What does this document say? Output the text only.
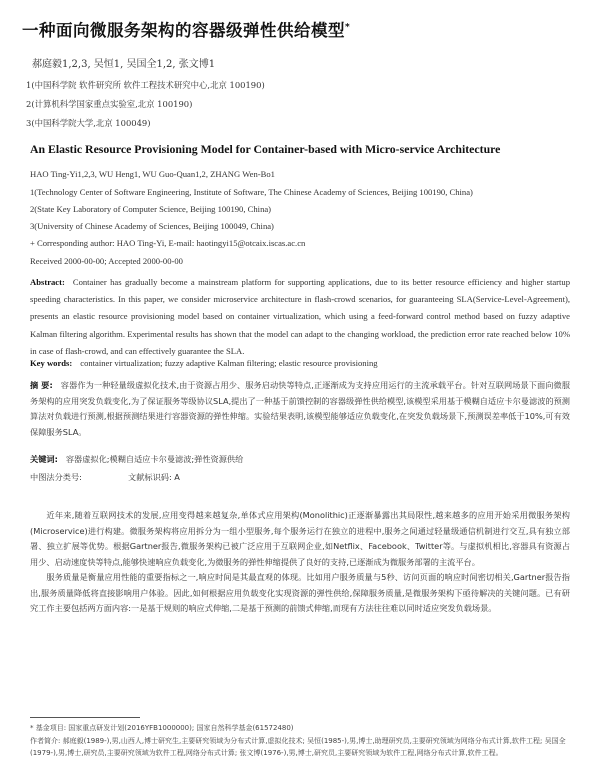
一种面向微服务架构的容器级弹性供给模型*
郝庭毅1,2,3, 吴恒1, 吴国全1,2, 张文博1
1(中国科学院 软件研究所 软件工程技术研究中心,北京 100190)
2(计算机科学国家重点实验室,北京 100190)
3(中国科学院大学,北京 100049)
An Elastic Resource Provisioning Model for Container-based with Micro-service Architecture
HAO Ting-Yi1,2,3, WU Heng1, WU Guo-Quan1,2, ZHANG Wen-Bo1
1(Technology Center of Software Engineering, Institute of Software, The Chinese Academy of Sciences, Beijing 100190, China)
2(State Key Laboratory of Computer Science, Beijing 100190, China)
3(University of Chinese Academy of Sciences, Beijing 100049, China)
+ Corresponding author: HAO Ting-Yi, E-mail: haotingyi15@otcaix.iscas.ac.cn
Abstract: Container has gradually become a mainstream platform for supporting applications, due to its better resource efficiency and higher startup speeding characteristics. In this paper, we consider microservice architecture in flash-crowd scenarios, for guaranteeing SLA(Service-Level-Agreement), presents an elastic resource provisioning model based on container virtualization, which using a feed-forward control method based on fuzzy adaptive Kalman filtering algorithm. Experimental results has shown that the model can adapt to the changing workload, the prediction error rate reached below 10% in case of flash-crowd, and can effectively guarantee the SLA.
Received 2000-00-00; Accepted 2000-00-00
Key words: container virtualization; fuzzy adaptive Kalman filtering; elastic resource provisioning
摘 要: 容器作为一种轻量级虚拟化技术,由于资源占用少、服务启动快等特点,正逐渐成为支持应用运行的主流承载平台。针对互联网场景下面向微服务架构的应用突发负载变化,为了保证服务等级协议SLA,提出了一种基于前馈控制的容器级弹性供给模型,该模型采用基于模糊自适应卡尔曼滤波的预测算法对负载进行预测,根据预测结果进行容器资源的弹性伸缩。实验结果表明,该模型能够适应负载变化,在突发负载场景下,预测误差率低于10%,可有效保障服务SLA。
关键词: 容器虚拟化;模糊自适应卡尔曼滤波;弹性资源供给
中图法分类号:	文献标识码: A

近年来,随着互联网技术的发展,应用变得越来越复杂,单体式应用架构(Monolithic)正逐渐暴露出其局限性,越来越多的应用开始采用微服务架构(Microservice)进行构建。微服务架构将应用拆分为一组小型服务,每个服务运行在独立的进程中,服务之间通过轻量级通信机制进行交互,具有独立部署、独立扩展等优势。根据Gartner报告,微服务架构已被广泛应用于互联网企业,如Netflix、Facebook、Twitter等。与虚拟机相比,容器具有资源占用少、启动速度快等特点,能够快速响应负载变化,为微服务的弹性伸缩提供了良好的支持,已逐渐成为微服务部署的主流平台。

服务质量是衡量应用性能的重要指标之一,响应时间是其最直观的体现。比如用户服务质量与5秒、访问页面的响应时间密切相关,Gartner报告指出,服务质量降低将直接影响用户体验。因此,如何根据应用负载变化实现资源的弹性供给,保障服务质量,是微服务架构下亟待解决的关键问题。已有研究工作主要包括两方面内容:一是基于规则的响应式伸缩,二是基于预测的前馈式伸缩,而现有方法往往难以同时适应突发负载场景。

* 基金项目: 国家重点研发计划(2016YFB1000000); 国家自然科学基金(61572480)
作者简介: 郝庭毅(1989-),男,山西人,博士研究生,主要研究领域为分布式计算,虚拟化技术; 吴恒(1985-),男,博士,助理研究员,主要研究领域为网络分布式计算,软件工程; 吴国全(1979-),男,博士,研究员,主要研究领域为软件工程,网络分布式计算; 张文博(1976-),男,博士,研究员,主要研究领域为软件工程,网络分布式计算,软件工程。
